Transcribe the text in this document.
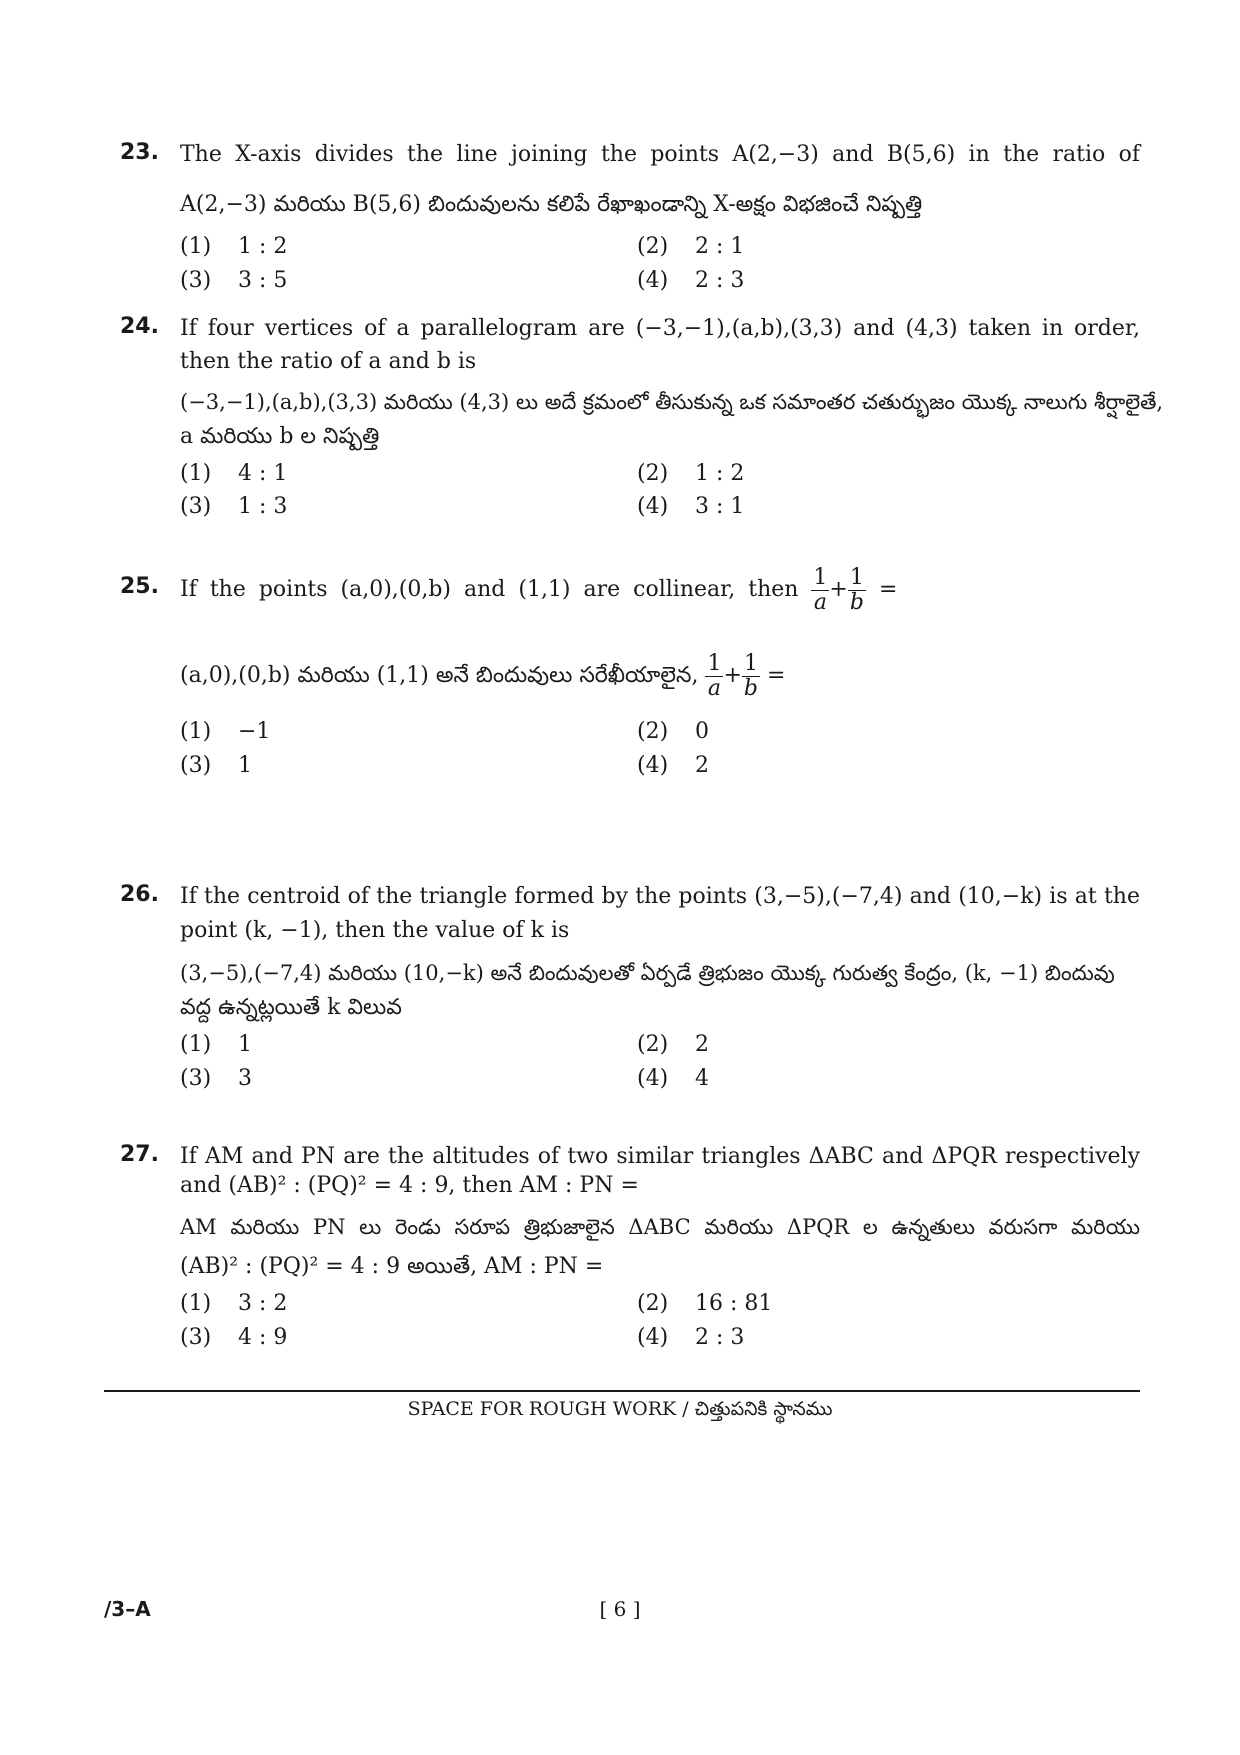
23. The X-axis divides the line joining the points A(2,−3) and B(5,6) in the ratio of
A(2,−3) మరియు B(5,6) బిందువులను కలిపే రేఖాఖండాన్ని X-అక్షం విభజించే నిష్పత్తి
(1) 1 : 2	(2) 2 : 1
(3) 3 : 5	(4) 2 : 3
24. If four vertices of a parallelogram are (−3,−1),(a,b),(3,3) and (4,3) taken in order,
then the ratio of a and b is
(−3,−1),(a,b),(3,3) మరియు (4,3) లు అదే క్రమంలో తీసుకున్న ఒక సమాంతర చతుర్భుజం యొక్క నాలుగు శీర్షాలైతే,
a మరియు b ల నిష్పత్తి
(1) 4 : 1	(2) 1 : 2
(3) 1 : 3	(4) 3 : 1
25. If the points (a,0),(0,b) and (1,1) are collinear, then $\frac{1}{a} + \frac{1}{b}$ =
(a,0),(0,b) మరియు (1,1) అనే బిందువులు సరేఖీయాలైన, $\frac{1}{a} + \frac{1}{b}$ =
(1) −1	(2) 0
(3) 1	(4) 2
26. If the centroid of the triangle formed by the points (3,−5),(−7,4) and (10,−k) is at the
point (k, −1), then the value of k is
(3,−5),(−7,4) మరియు (10,−k) అనే బిందువులతో ఏర్పడే త్రిభుజం యొక్క గురుత్వ కేంద్రం, (k, −1) బిందువు
వద్ద ఉన్నట్లయితే k విలువ
(1) 1	(2) 2
(3) 3	(4) 4
27. If AM and PN are the altitudes of two similar triangles ΔABC and ΔPQR respectively
and (AB)² : (PQ)² = 4 : 9, then AM : PN =
AM మరియు PN లు రెండు సరూప త్రిభుజాలైన ΔABC మరియు ΔPQR ల ఉన్నతులు వరుసగా మరియు
(AB)² : (PQ)² = 4 : 9 అయితే, AM : PN =
(1) 3 : 2	(2) 16 : 81
(3) 4 : 9	(4) 2 : 3
SPACE FOR ROUGH WORK / చిత్తుపనికి స్థానము
/3–A	[ 6 ]
